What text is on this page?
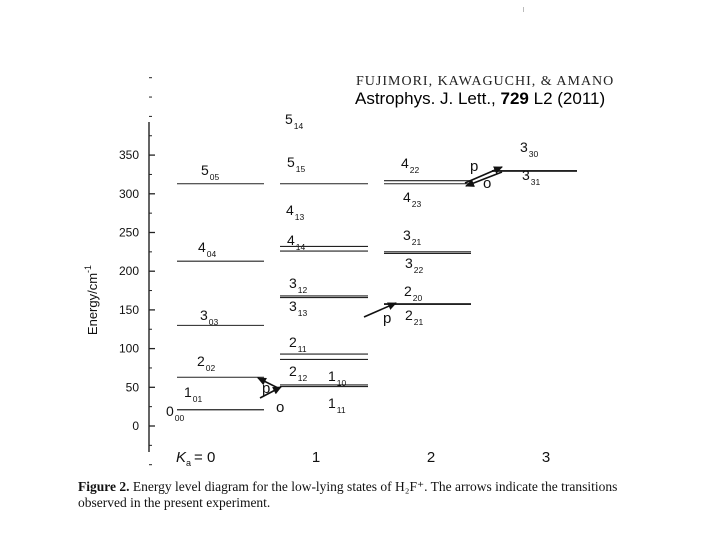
FUJIMORI, KAWAGUCHI, & AMANO
Astrophys. J. Lett., 729 L2 (2011)
350
300
250
200
150
100
50
0
Energy/$cm^{-1}$
$0_{00}$
$1_{01}$
$2_{02}$
$3_{03}$
$4_{04}$
$5_{05}$
$1_{11}$
$1_{10}$
$2_{12}$
$2_{11}$
$3_{13}$
$3_{12}$
$4_{14}$
$4_{13}$
$5_{15}$
$5_{14}$
$2_{21}$
$2_{20}$
$3_{22}$
$3_{21}$
$4_{23}$
$4_{22}$	$3_{31}$
$3_{30}$
p
o
p
p
o
$K_a = 0$	1	2	3
Figure 2. Energy level diagram for the low-lying states of H₂F⁺. The arrows indicate the transitions observed in the present experiment.
